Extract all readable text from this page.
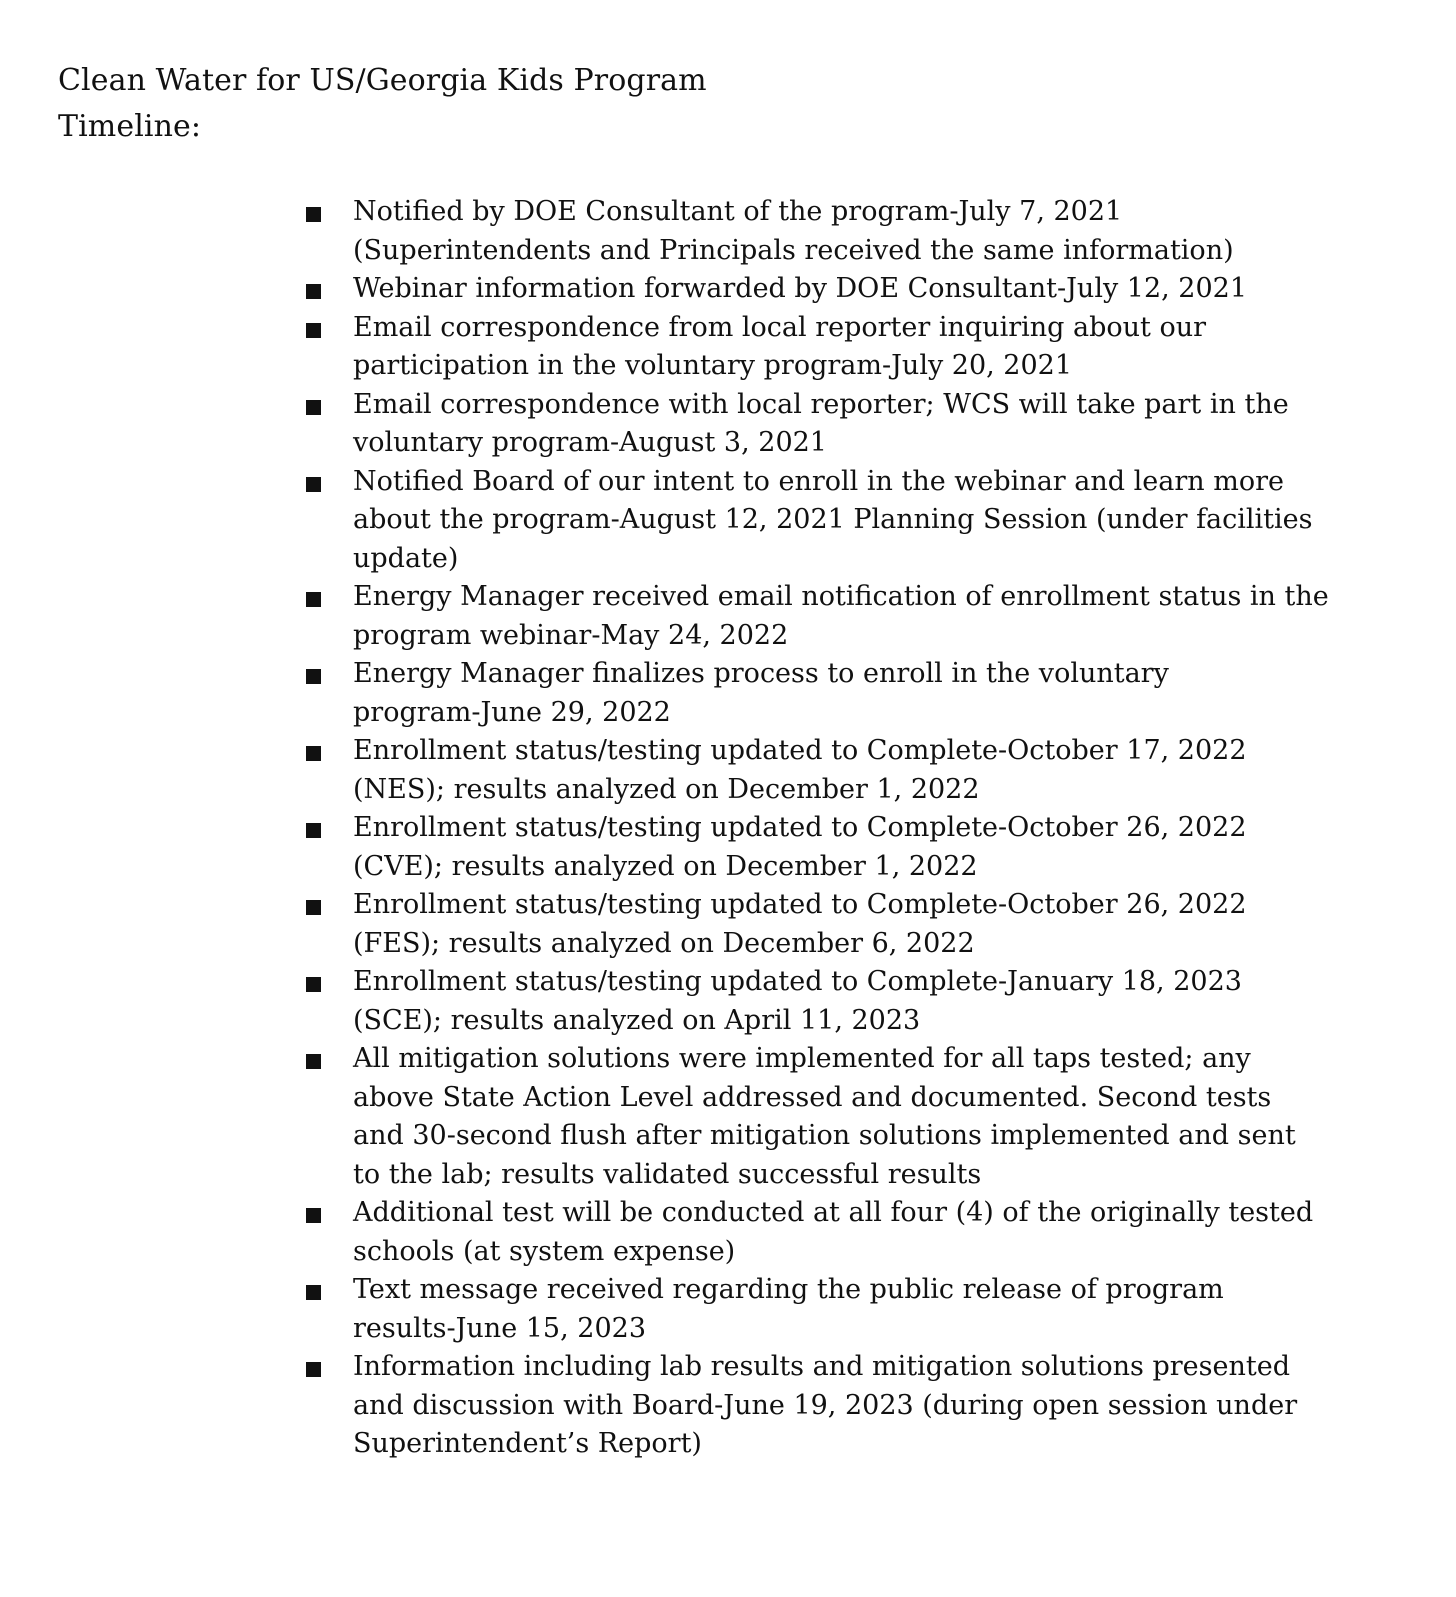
Clean Water for US/Georgia Kids Program
Timeline:
Notified by DOE Consultant of the program-July 7, 2021
(Superintendents and Principals received the same information)
Webinar information forwarded by DOE Consultant-July 12, 2021
Email correspondence from local reporter inquiring about our
participation in the voluntary program-July 20, 2021
Email correspondence with local reporter; WCS will take part in the
voluntary program-August 3, 2021
Notified Board of our intent to enroll in the webinar and learn more
about the program-August 12, 2021 Planning Session (under facilities
update)
Energy Manager received email notification of enrollment status in the
program webinar-May 24, 2022
Energy Manager finalizes process to enroll in the voluntary
program-June 29, 2022
Enrollment status/testing updated to Complete-October 17, 2022
(NES); results analyzed on December 1, 2022
Enrollment status/testing updated to Complete-October 26, 2022
(CVE); results analyzed on December 1, 2022
Enrollment status/testing updated to Complete-October 26, 2022
(FES); results analyzed on December 6, 2022
Enrollment status/testing updated to Complete-January 18, 2023
(SCE); results analyzed on April 11, 2023
All mitigation solutions were implemented for all taps tested; any
above State Action Level addressed and documented. Second tests
and 30-second flush after mitigation solutions implemented and sent
to the lab; results validated successful results
Additional test will be conducted at all four (4) of the originally tested
schools (at system expense)
Text message received regarding the public release of program
results-June 15, 2023
Information including lab results and mitigation solutions presented
and discussion with Board-June 19, 2023 (during open session under
Superintendent’s Report)
